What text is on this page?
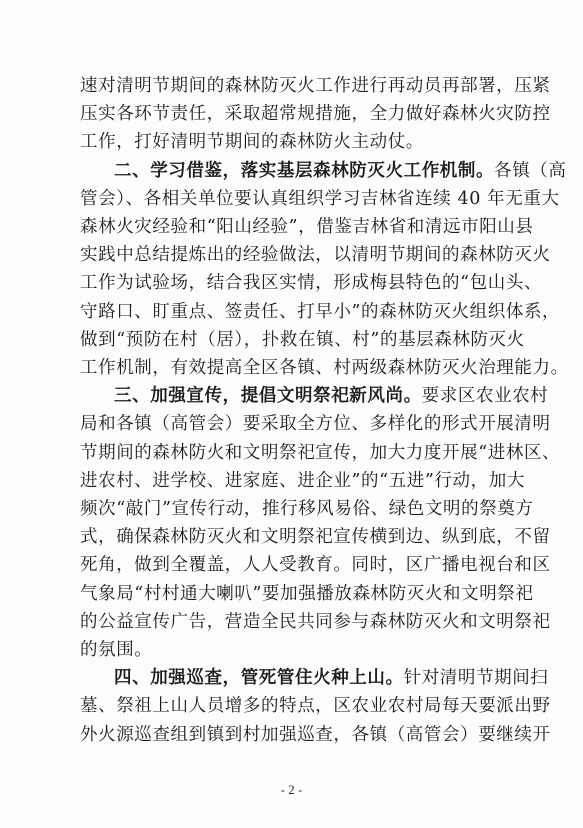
速对清明节期间的森林防灭火工作进行再动员再部署，压紧
压实各环节责任，采取超常规措施，全力做好森林火灾防控
工作，打好清明节期间的森林防火主动仗。
二、学习借鉴，落实基层森林防灭火工作机制。各镇（高
管会）、各相关单位要认真组织学习吉林省连续 40 年无重大
森林火灾经验和“阳山经验”，借鉴吉林省和清远市阳山县
实践中总结提炼出的经验做法，以清明节期间的森林防灭火
工作为试验场，结合我区实情，形成梅县特色的“包山头、
守路口、盯重点、签责任、打早小”的森林防灭火组织体系，
做到“预防在村（居），扑救在镇、村”的基层森林防灭火
工作机制，有效提高全区各镇、村两级森林防灭火治理能力。
三、加强宣传，提倡文明祭祀新风尚。要求区农业农村
局和各镇（高管会）要采取全方位、多样化的形式开展清明
节期间的森林防火和文明祭祀宣传，加大力度开展“进林区、
进农村、进学校、进家庭、进企业”的“五进”行动，加大
频次“敲门”宣传行动，推行移风易俗、绿色文明的祭奠方
式，确保森林防灭火和文明祭祀宣传横到边、纵到底，不留
死角，做到全覆盖，人人受教育。同时，区广播电视台和区
气象局“村村通大喇叭”要加强播放森林防灭火和文明祭祀
的公益宣传广告，营造全民共同参与森林防灭火和文明祭祀
的氛围。
四、加强巡查，管死管住火种上山。针对清明节期间扫
墓、祭祖上山人员增多的特点，区农业农村局每天要派出野
外火源巡查组到镇到村加强巡查，各镇（高管会）要继续开
- 2 -
